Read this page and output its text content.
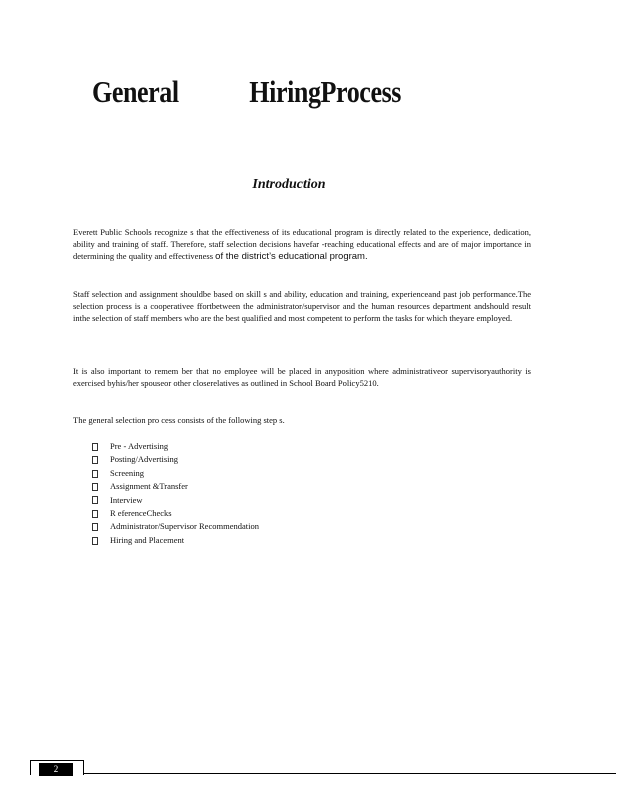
General HiringProcess
Introduction

Everett Public Schools recognize s that the effectiveness of its educational program is directly related to the experience, dedication, ability and training of staff. Therefore, staff selection decisions havefar -reaching educational effects and are of major importance in determining the quality and effectiveness of the district’s educational program.

Staff selection and assignment shouldbe based on skill s and ability, education and training, experienceand past job performance.The selection process is a cooperativee ffortbetween the administrator/supervisor and the human resources department andshould result inthe selection of staff members who are the best qualified and most competent to perform the tasks for which theyare employed.

It is also important to remem ber that no employee will be placed in anyposition where administrativeor supervisoryauthority is exercised byhis/her spouseor other closerelatives as outlined in School Board Policy5210.

The general selection pro cess consists of the following step s.

Pre - Advertising
Posting/Advertising
Screening
Assignment &Transfer
Interview
R eferenceChecks
Administrator/Supervisor Recommendation
Hiring and Placement
2
